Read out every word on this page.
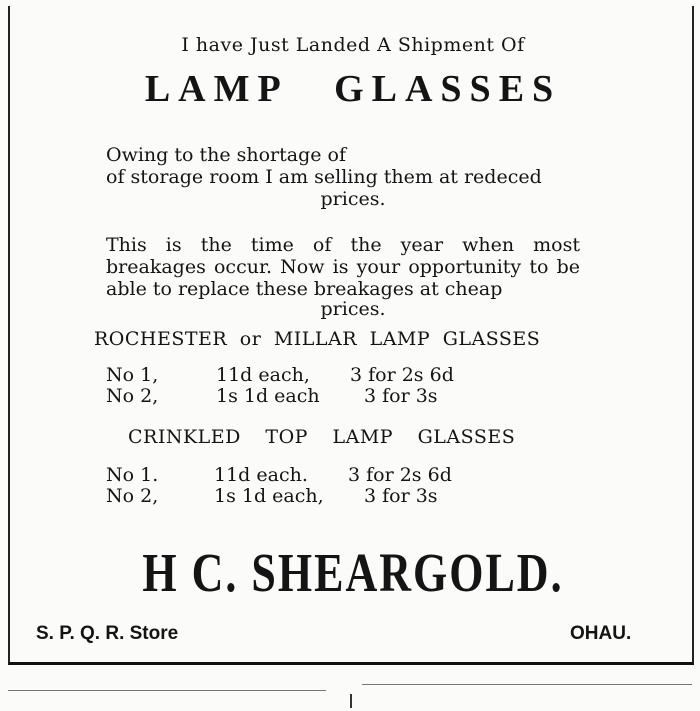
I have Just Landed A Shipment Of
LAMP GLASSES
Owing to the shortage of
of storage room I am selling them at redeced
prices.
This is the time of the year when most breakages occur. Now is your opportunity to be able to replace these breakages at cheap
prices.
ROCHESTER or MILLAR LAMP GLASSES
No 1,	11d each, 3 for 2s 6d
No 2,	1s 1d each 3 for 3s
CRINKLED TOP LAMP GLASSES
No 1.	11d each. 3 for 2s 6d
No 2,	1s 1d each, 3 for 3s
H C. SHEARGOLD.
S. P. Q. R. Store	OHAU.
